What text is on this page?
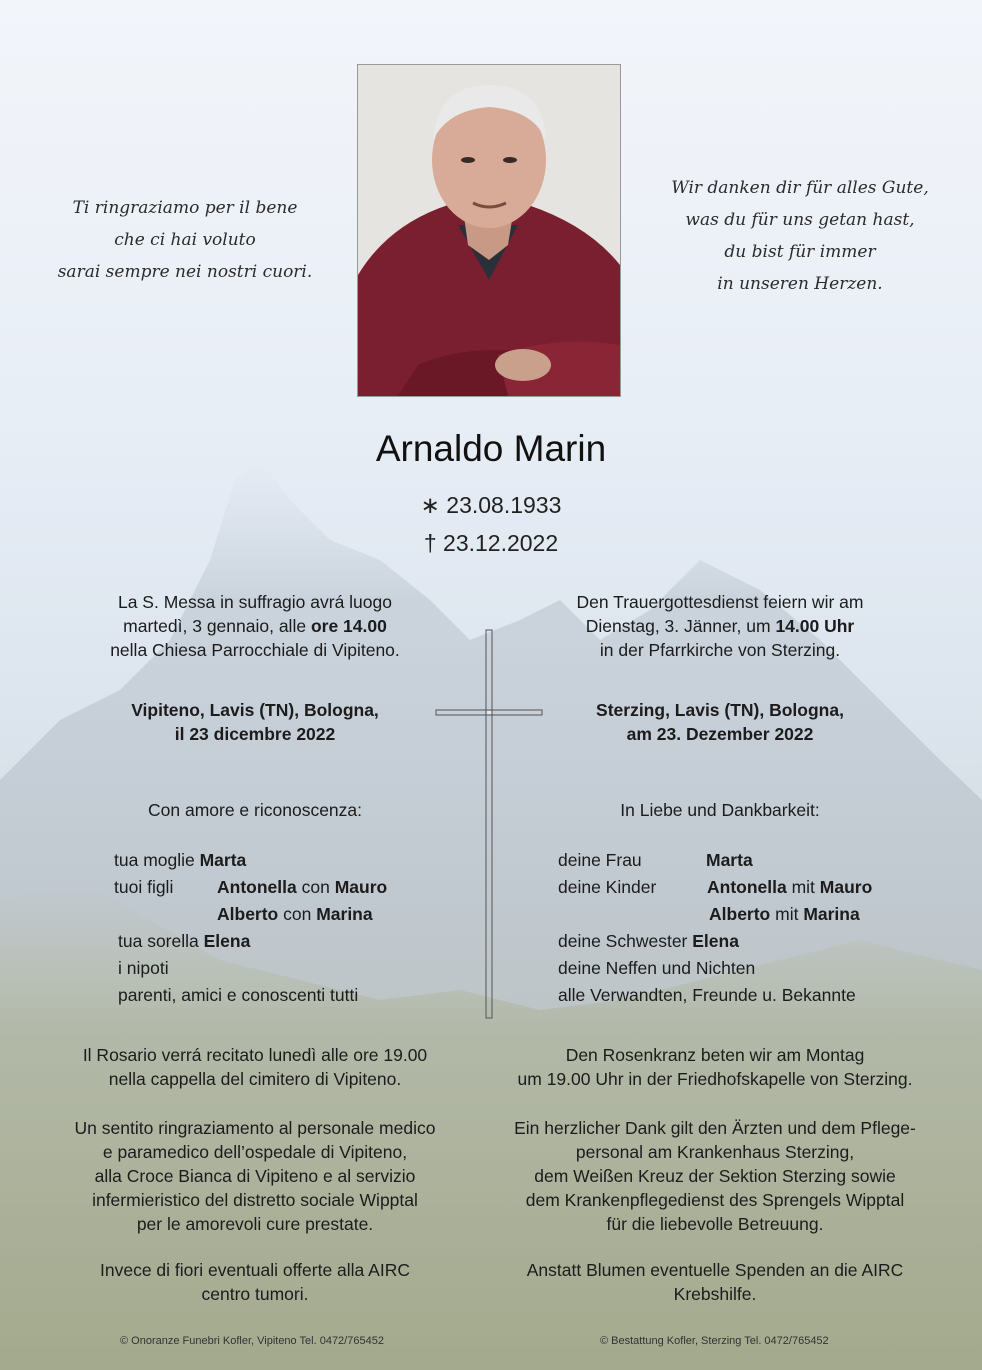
Ti ringraziamo per il bene
che ci hai voluto
sarai sempre nei nostri cuori.
Wir danken dir für alles Gute,
was du für uns getan hast,
du bist für immer
in unseren Herzen.
Arnaldo Marin
∗ 23.08.1933
† 23.12.2022
La S. Messa in suffragio avrá luogo
martedì, 3 gennaio, alle ore 14.00
nella Chiesa Parrocchiale di Vipiteno.
Vipiteno, Lavis (TN), Bologna,
il 23 dicembre 2022
Con amore e riconoscenza:
tua moglie Marta
tuoi figli Antonella con Mauro
Alberto con Marina
tua sorella Elena
i nipoti
parenti, amici e conoscenti tutti
Il Rosario verrá recitato lunedì alle ore 19.00
nella cappella del cimitero di Vipiteno.
Un sentito ringraziamento al personale medico
e paramedico dell’ospedale di Vipiteno,
alla Croce Bianca di Vipiteno e al servizio
infermieristico del distretto sociale Wipptal
per le amorevoli cure prestate.
Invece di fiori eventuali offerte alla AIRC
centro tumori.
© Onoranze Funebri Kofler, Vipiteno Tel. 0472/765452
Den Trauergottesdienst feiern wir am
Dienstag, 3. Jänner, um 14.00 Uhr
in der Pfarrkirche von Sterzing.
Sterzing, Lavis (TN), Bologna,
am 23. Dezember 2022
In Liebe und Dankbarkeit:
deine Frau	Marta
deine Kinder	Antonella mit Mauro
Alberto mit Marina
deine Schwester Elena
deine Neffen und Nichten
alle Verwandten, Freunde u. Bekannte
Den Rosenkranz beten wir am Montag
um 19.00 Uhr in der Friedhofskapelle von Sterzing.
Ein herzlicher Dank gilt den Ärzten und dem Pflege-
personal am Krankenhaus Sterzing,
dem Weißen Kreuz der Sektion Sterzing sowie
dem Krankenpflegedienst des Sprengels Wipptal
für die liebevolle Betreuung.
Anstatt Blumen eventuelle Spenden an die AIRC
Krebshilfe.
© Bestattung Kofler, Sterzing Tel. 0472/765452
